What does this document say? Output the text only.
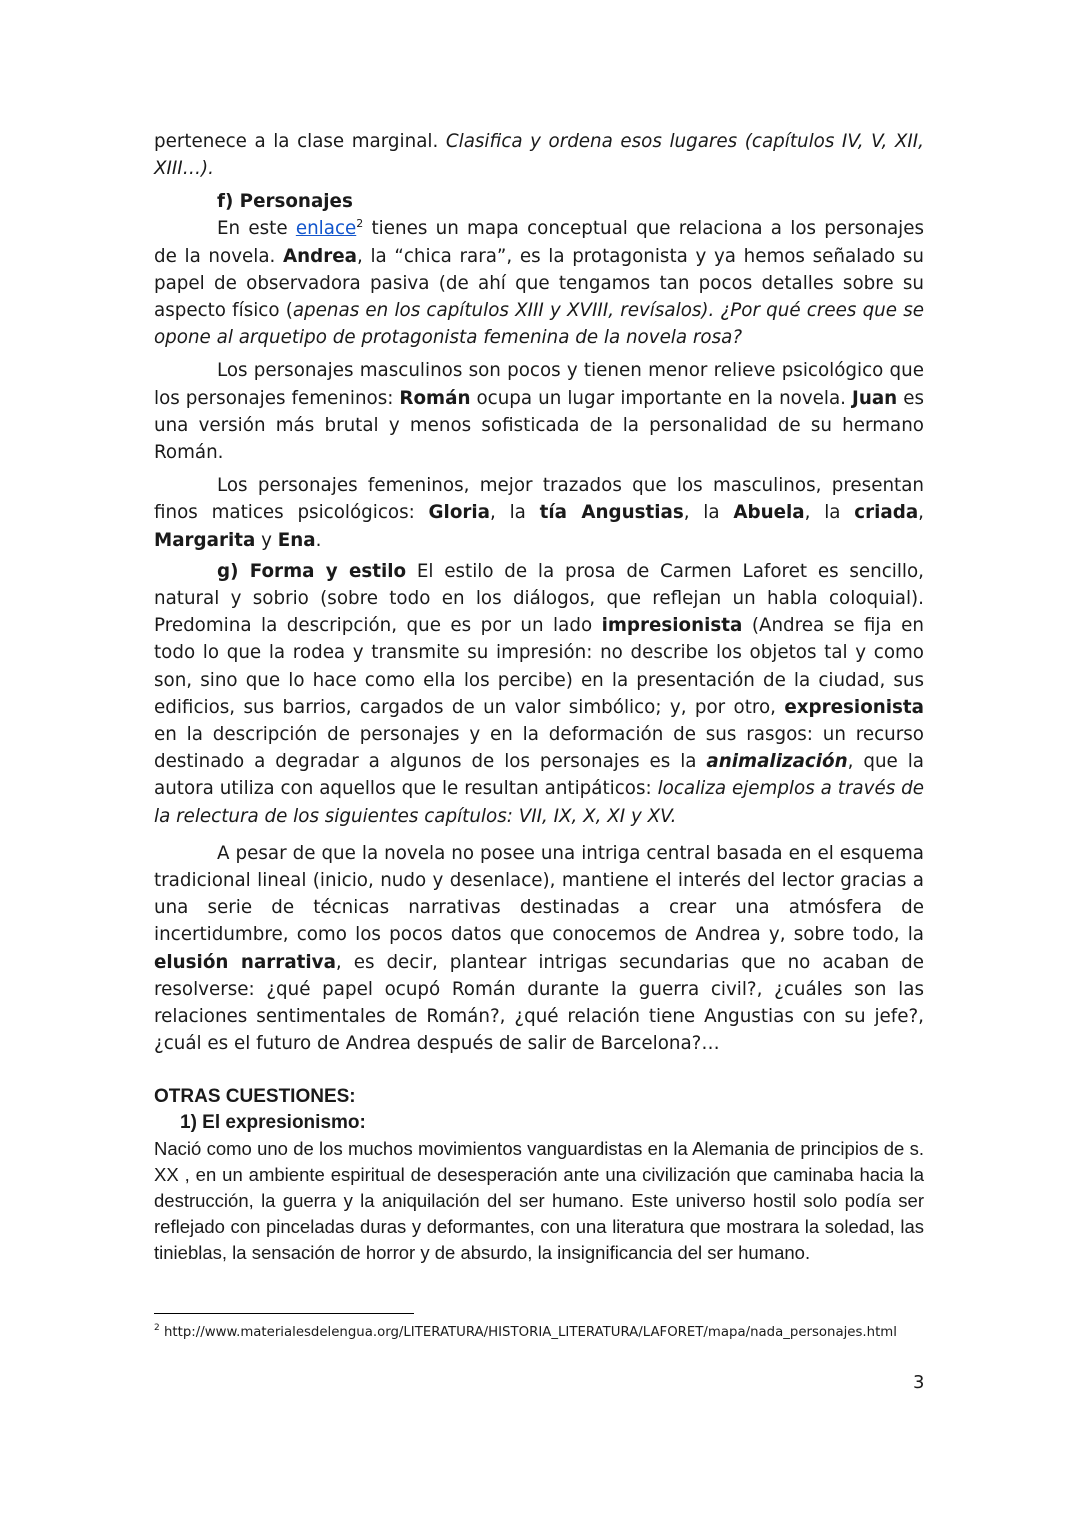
pertenece a la clase marginal. Clasifica y ordena esos lugares (capítulos IV, V, XII, XIII…).

f) Personajes

En este enlace$^2$ tienes un mapa conceptual que relaciona a los personajes de la novela. Andrea, la “chica rara”, es la protagonista y ya hemos señalado su papel de observadora pasiva (de ahí que tengamos tan pocos detalles sobre su aspecto físico (apenas en los capítulos XIII y XVIII, revísalos). ¿Por qué crees que se opone al arquetipo de protagonista femenina de la novela rosa?

Los personajes masculinos son pocos y tienen menor relieve psicológico que los personajes femeninos: Román ocupa un lugar importante en la novela. Juan es una versión más brutal y menos sofisticada de la personalidad de su hermano Román.

Los personajes femeninos, mejor trazados que los masculinos, presentan finos matices psicológicos: Gloria, la tía Angustias, la Abuela, la criada, Margarita y Ena.

g) Forma y estilo El estilo de la prosa de Carmen Laforet es sencillo, natural y sobrio (sobre todo en los diálogos, que reflejan un habla coloquial). Predomina la descripción, que es por un lado impresionista (Andrea se fija en todo lo que la rodea y transmite su impresión: no describe los objetos tal y como son, sino que lo hace como ella los percibe) en la presentación de la ciudad, sus edificios, sus barrios, cargados de un valor simbólico; y, por otro, expresionista en la descripción de personajes y en la deformación de sus rasgos: un recurso destinado a degradar a algunos de los personajes es la animalización, que la autora utiliza con aquellos que le resultan antipáticos: localiza ejemplos a través de la relectura de los siguientes capítulos: VII, IX, X, XI y XV.

A pesar de que la novela no posee una intriga central basada en el esquema tradicional lineal (inicio, nudo y desenlace), mantiene el interés del lector gracias a una serie de técnicas narrativas destinadas a crear una atmósfera de incertidumbre, como los pocos datos que conocemos de Andrea y, sobre todo, la elusión narrativa, es decir, plantear intrigas secundarias que no acaban de resolverse: ¿qué papel ocupó Román durante la guerra civil?, ¿cuáles son las relaciones sentimentales de Román?, ¿qué relación tiene Angustias con su jefe?, ¿cuál es el futuro de Andrea después de salir de Barcelona?…

OTRAS CUESTIONES:

1) El expresionismo:

Nació como uno de los muchos movimientos vanguardistas en la Alemania de principios de s. XX , en un ambiente espiritual de desesperación ante una civilización que caminaba hacia la destrucción, la guerra y la aniquilación del ser humano. Este universo hostil solo podía ser reflejado con pinceladas duras y deformantes, con una literatura que mostrara la soledad, las tinieblas, la sensación de horror y de absurdo, la insignificancia del ser humano.

$^2$ http://www.materialesdelengua.org/LITERATURA/HISTORIA_LITERATURA/LAFORET/mapa/nada_personajes.html
3
